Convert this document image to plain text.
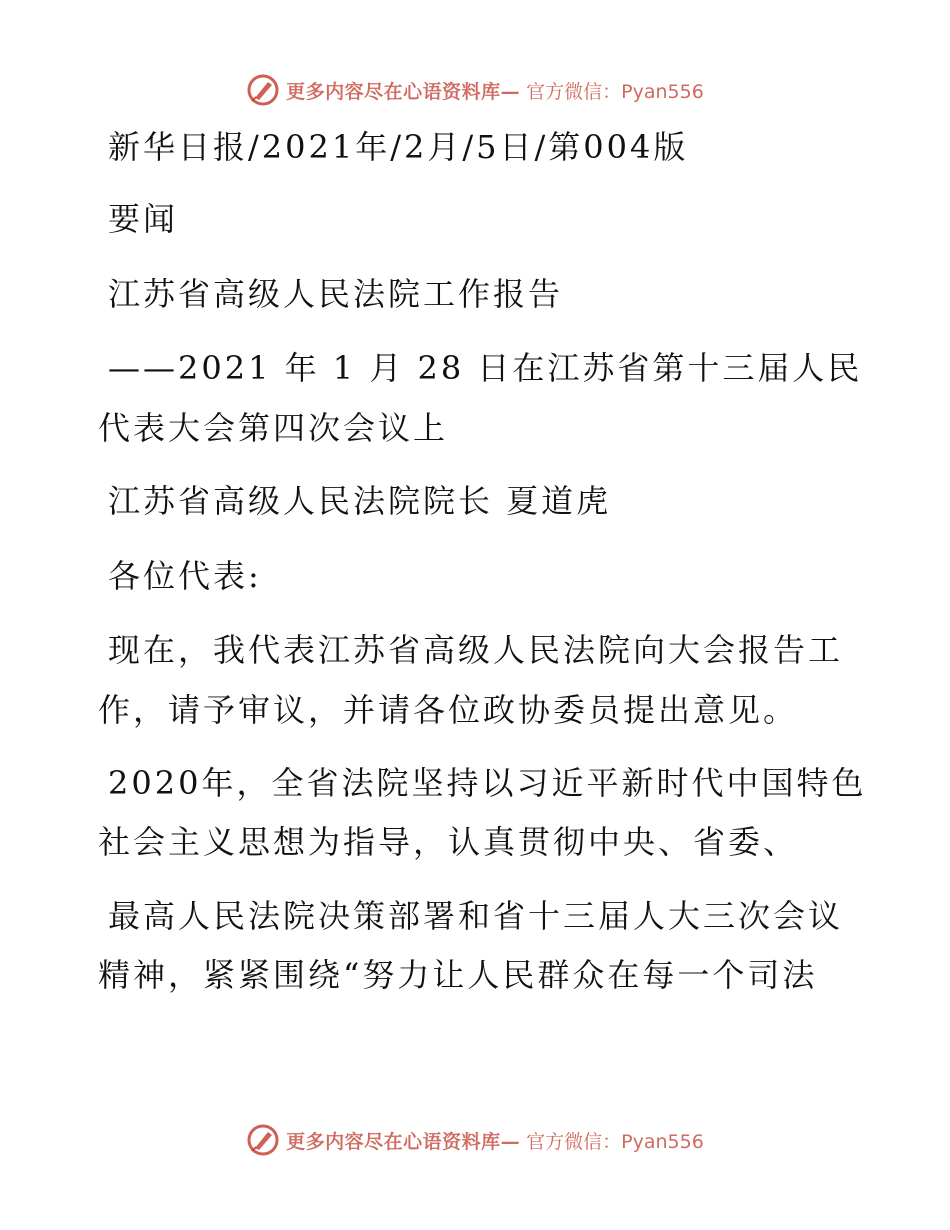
更多内容尽在心语资料库— 官方微信：Pyan556
新华日报/2021年/2月/5日/第004版
要闻
江苏省高级人民法院工作报告
——2021 年 1 月 28 日在江苏省第十三届人民
代表大会第四次会议上
江苏省高级人民法院院长 夏道虎
各位代表:
现在，我代表江苏省高级人民法院向大会报告工
作，请予审议，并请各位政协委员提出意见。
2020年，全省法院坚持以习近平新时代中国特色
社会主义思想为指导，认真贯彻中央、省委、
最高人民法院决策部署和省十三届人大三次会议
精神，紧紧围绕“努力让人民群众在每一个司法
更多内容尽在心语资料库— 官方微信：Pyan556
